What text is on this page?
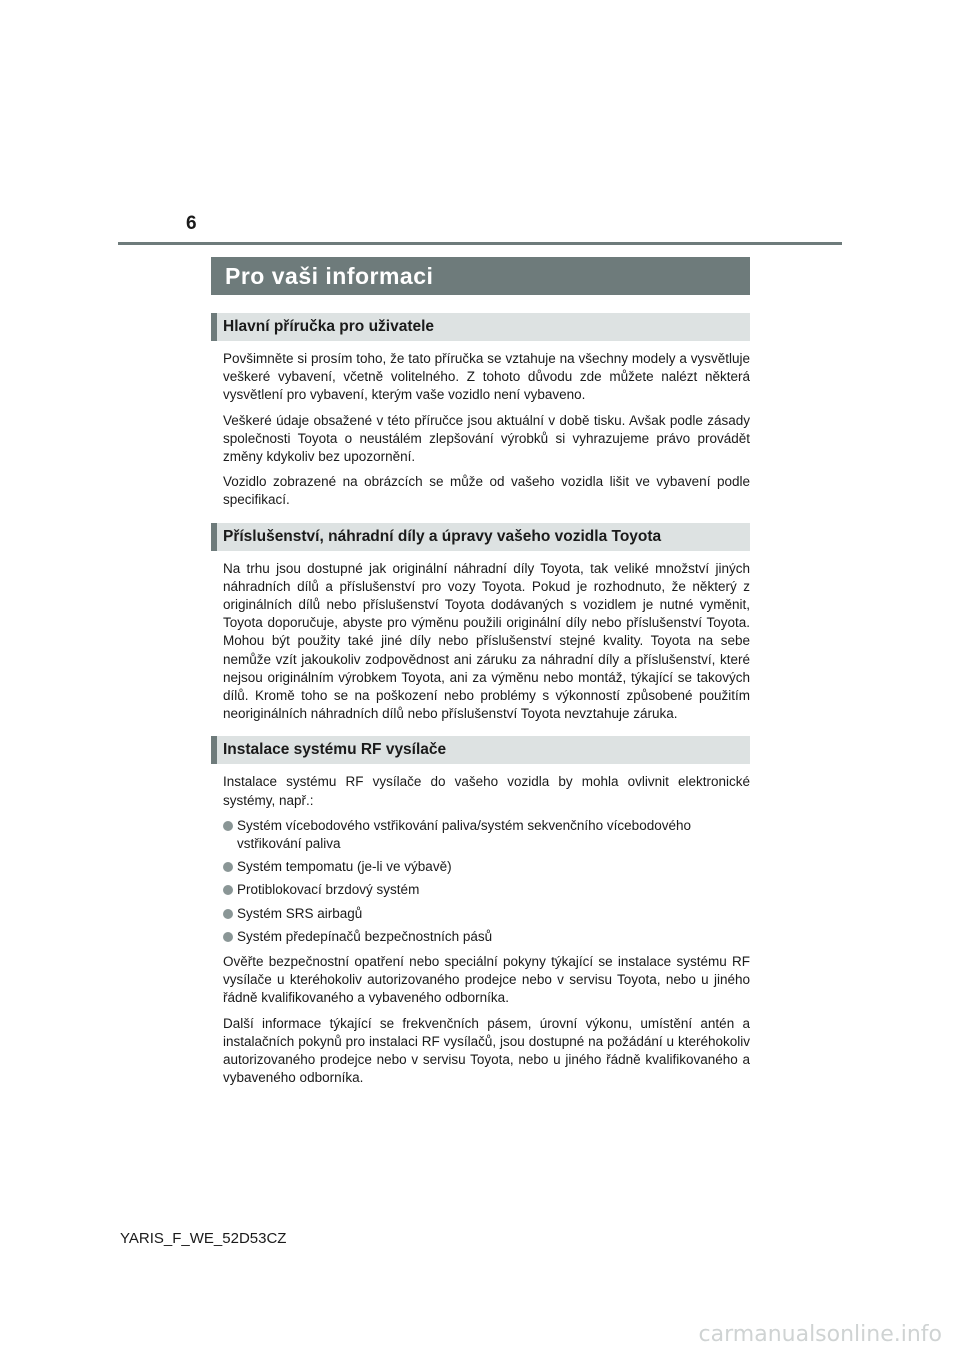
6
Pro vaši informaci
Hlavní příručka pro uživatele

Povšimněte si prosím toho, že tato příručka se vztahuje na všechny modely a vysvětluje veškeré vybavení, včetně volitelného. Z tohoto důvodu zde můžete nalézt některá vysvětlení pro vybavení, kterým vaše vozidlo není vybaveno.

Veškeré údaje obsažené v této příručce jsou aktuální v době tisku. Avšak podle zásady společnosti Toyota o neustálém zlepšování výrobků si vyhrazujeme právo provádět změny kdykoliv bez upozornění.

Vozidlo zobrazené na obrázcích se může od vašeho vozidla lišit ve vybavení podle specifikací.

Příslušenství, náhradní díly a úpravy vašeho vozidla Toyota

Na trhu jsou dostupné jak originální náhradní díly Toyota, tak veliké množství jiných náhradních dílů a příslušenství pro vozy Toyota. Pokud je rozhodnuto, že některý z originálních dílů nebo příslušenství Toyota dodávaných s vozidlem je nutné vyměnit, Toyota doporučuje, abyste pro výměnu použili originální díly nebo příslušenství Toyota. Mohou být použity také jiné díly nebo příslušenství stejné kvality. Toyota na sebe nemůže vzít jakoukoliv zodpovědnost ani záruku za náhradní díly a příslušenství, které nejsou originálním výrobkem Toyota, ani za výměnu nebo montáž, týkající se takových dílů. Kromě toho se na poškození nebo problémy s výkonností způsobené použitím neoriginálních náhradních dílů nebo příslušenství Toyota nevztahuje záruka.

Instalace systému RF vysílače

Instalace systému RF vysílače do vašeho vozidla by mohla ovlivnit elektronické systémy, např.:

Systém vícebodového vstřikování paliva/systém sekvenčního vícebodového vstřikování paliva
Systém tempomatu (je-li ve výbavě)
Protiblokovací brzdový systém
Systém SRS airbagů
Systém předepínačů bezpečnostních pásů

Ověřte bezpečnostní opatření nebo speciální pokyny týkající se instalace systému RF vysílače u kteréhokoliv autorizovaného prodejce nebo v servisu Toyota, nebo u jiného řádně kvalifikovaného a vybaveného odborníka.

Další informace týkající se frekvenčních pásem, úrovní výkonu, umístění antén a instalačních pokynů pro instalaci RF vysílačů, jsou dostupné na požádání u kteréhokoliv autorizovaného prodejce nebo v servisu Toyota, nebo u jiného řádně kvalifikovaného a vybaveného odborníka.

YARIS_F_WE_52D53CZ
carmanualsonline.info
